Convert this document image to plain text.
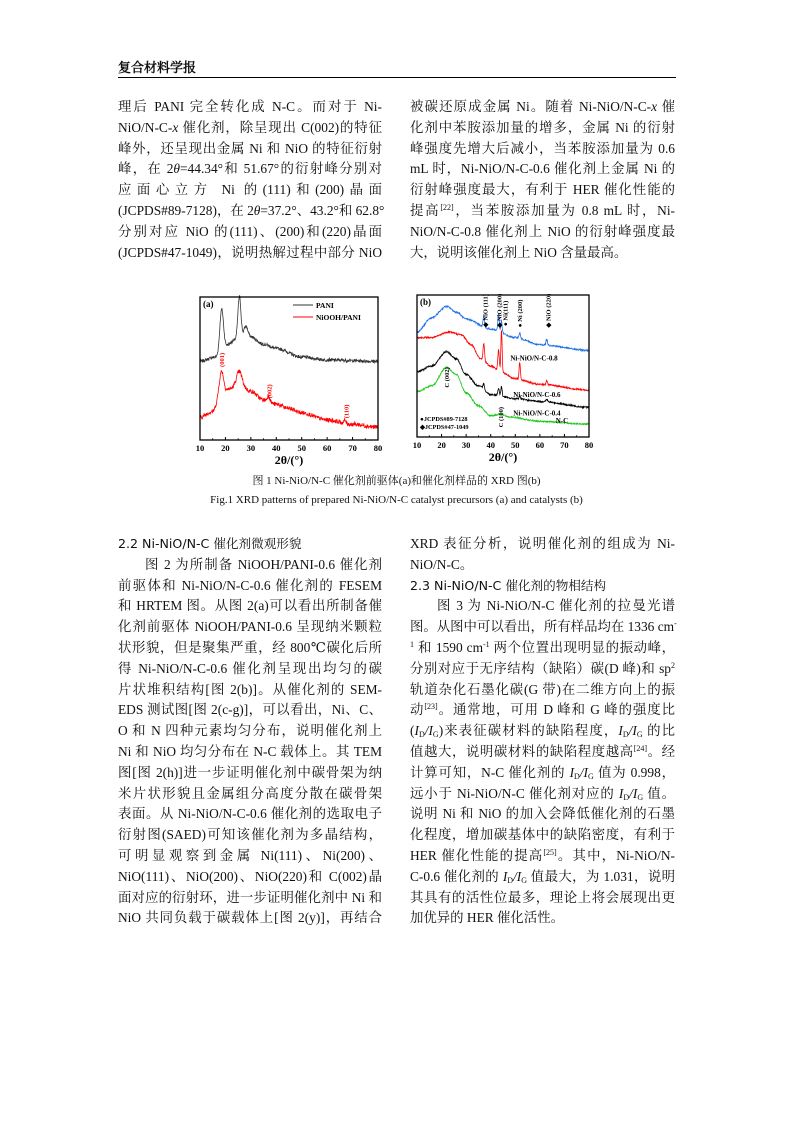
复合材料学报
理后 PANI 完全转化成 N-C。而对于 Ni-
NiO/N-C-x 催化剂，除呈现出 C(002)的特征
峰外，还呈现出金属 Ni 和 NiO 的特征衍射
峰，在 2θ=44.34°和 51.67°的衍射峰分别对
应面心立方 Ni 的(111)和(200)晶面
(JCPDS#89-7128)，在 2θ=37.2°、43.2°和 62.8°
分别对应 NiO 的(111)、(200)和(220)晶面
(JCPDS#47-1049)，说明热解过程中部分 NiO
被碳还原成金属 Ni。随着 Ni-NiO/N-C-x 催
化剂中苯胺添加量的增多，金属 Ni 的衍射
峰强度先增大后减小，当苯胺添加量为 0.6
mL 时，Ni-NiO/N-C-0.6 催化剂上金属 Ni 的
衍射峰强度最大，有利于 HER 催化性能的
提高[22]，当苯胺添加量为 0.8 mL 时，Ni-
NiO/N-C-0.8 催化剂上 NiO 的衍射峰强度最
大，说明该催化剂上 NiO 含量最高。
2.2 Ni-NiO/N-C 催化剂微观形貌
图 2 为所制备 NiOOH/PANI-0.6 催化剂
前驱体和 Ni-NiO/N-C-0.6 催化剂的 FESEM
和 HRTEM 图。从图 2(a)可以看出所制备催
化剂前驱体 NiOOH/PANI-0.6 呈现纳米颗粒
状形貌，但是聚集严重，经 800℃碳化后所
得 Ni-NiO/N-C-0.6 催化剂呈现出均匀的碳
片状堆积结构[图 2(b)]。从催化剂的 SEM-
EDS 测试图[图 2(c-g)]，可以看出，Ni、C、
O 和 N 四种元素均匀分布，说明催化剂上
Ni 和 NiO 均匀分布在 N-C 载体上。其 TEM
图[图 2(h)]进一步证明催化剂中碳骨架为纳
米片状形貌且金属组分高度分散在碳骨架
表面。从 Ni-NiO/N-C-0.6 催化剂的选取电子
衍射图(SAED)可知该催化剂为多晶结构，
可明显观察到金属 Ni(111)、Ni(200)、
NiO(111)、NiO(200)、NiO(220)和 C(002)晶
面对应的衍射环，进一步证明催化剂中 Ni 和
NiO 共同负载于碳载体上[图 2(y)]，再结合
XRD 表征分析，说明催化剂的组成为 Ni-
NiO/N-C。
2.3 Ni-NiO/N-C 催化剂的物相结构
图 3 为 Ni-NiO/N-C 催化剂的拉曼光谱
图。从图中可以看出，所有样品均在 1336 cm-
$^1$ 和 1590 $cm^{-1}$ 两个位置出现明显的振动峰，
分别对应于无序结构（缺陷）碳(D 峰)和 $sp^2$
轨道杂化石墨化碳(G 带)在二维方向上的振
动[23]。通常地，可用 D 峰和 G 峰的强度比
$(I_D/I_G)$来表征碳材料的缺陷程度，$I_D/I_G$ 的比
值越大，说明碳材料的缺陷程度越高[24]。经
计算可知，N-C 催化剂的 $I_D/I_G$ 值为 0.998，
远小于 Ni-NiO/N-C 催化剂对应的 $I_D/I_G$ 值。
说明 Ni 和 NiO 的加入会降低催化剂的石墨
化程度，增加碳基体中的缺陷密度，有利于
HER 催化性能的提高[25]。其中，Ni-NiO/N-
C-0.6 催化剂的 $I_D/I_G$ 值最大，为 1.031，说明
其具有的活性位最多，理论上将会展现出更
加优异的 HER 催化活性。
10 20 30 40 50 60 70 80
2θ/(°)
(a)
(001)
(002)
(110)
PANI
NiOOH/PANI
Ni-NiO/N-C-0.8
Ni-NiO/N-C-0.6
Ni-NiO/N-C-0.4
N-C
10 20 30 40 50 60 70 80
2θ/(°)
(b)
◆ NiO (111)
◆ NiO (200)
● Ni(111)
● Ni (200)
◆ NiO (220)
C (002)
C (100)
●JCPDS#89-7128
◆JCPDS#47-1049
图 1 Ni-NiO/N-C 催化剂前驱体(a)和催化剂样品的 XRD 图(b)
Fig.1 XRD patterns of prepared Ni-NiO/N-C catalyst precursors (a) and catalysts (b)
